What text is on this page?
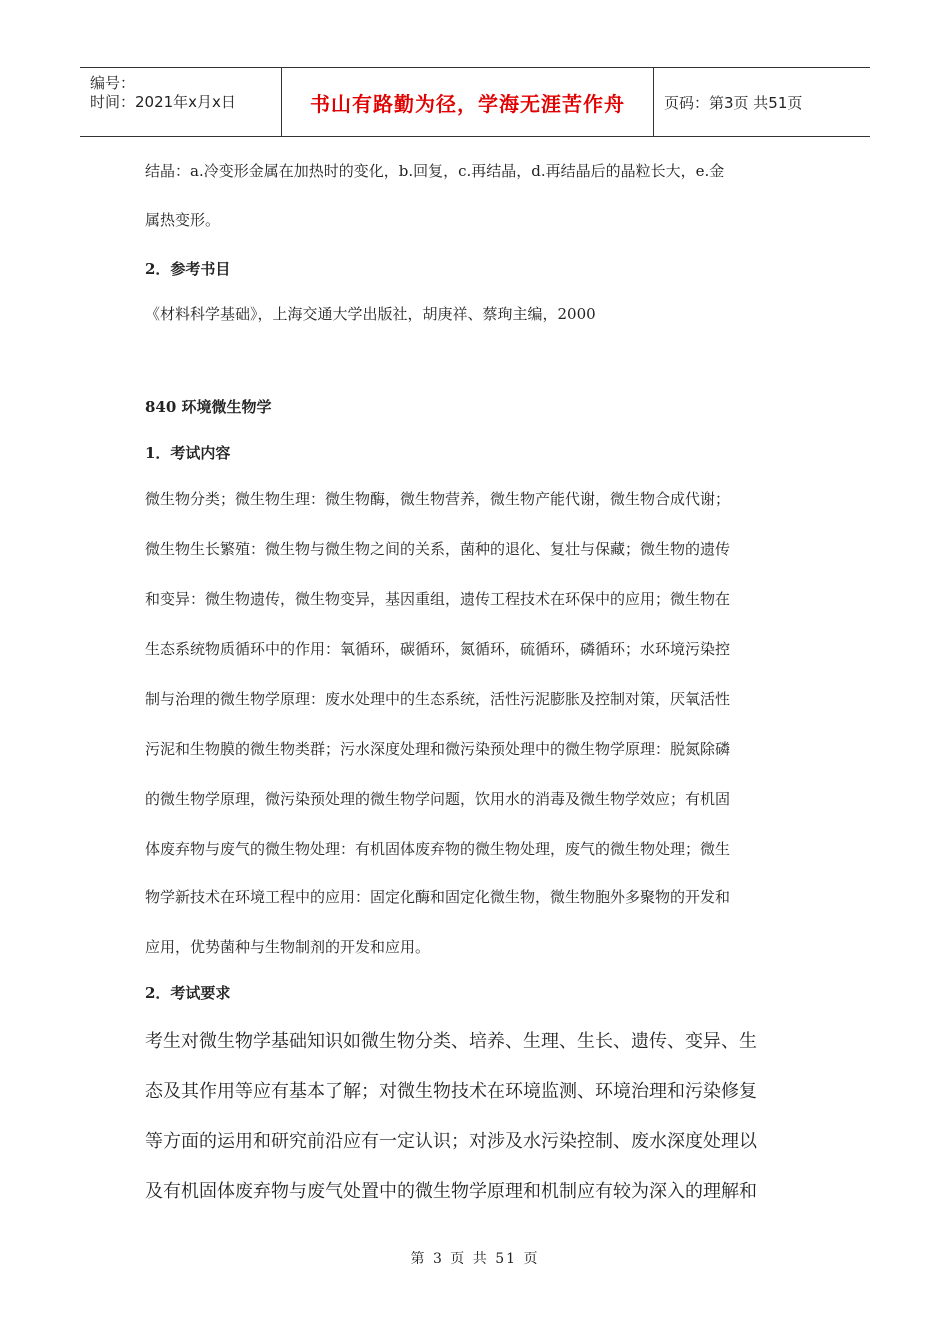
编号：
时间：2021年x月x日	书山有路勤为径，学海无涯苦作舟	页码：第3页 共51页
结晶：a.冷变形金属在加热时的变化，b.回复，c.再结晶，d.再结晶后的晶粒长大，e.金
属热变形。
2．参考书目
《材料科学基础》，上海交通大学出版社，胡庚祥、蔡珣主编，2000
840 环境微生物学
1．考试内容
微生物分类；微生物生理：微生物酶，微生物营养，微生物产能代谢，微生物合成代谢；
微生物生长繁殖：微生物与微生物之间的关系，菌种的退化、复壮与保藏；微生物的遗传
和变异：微生物遗传，微生物变异，基因重组，遗传工程技术在环保中的应用；微生物在
生态系统物质循环中的作用：氧循环，碳循环，氮循环，硫循环，磷循环；水环境污染控
制与治理的微生物学原理：废水处理中的生态系统，活性污泥膨胀及控制对策，厌氧活性
污泥和生物膜的微生物类群；污水深度处理和微污染预处理中的微生物学原理：脱氮除磷
的微生物学原理，微污染预处理的微生物学问题，饮用水的消毒及微生物学效应；有机固
体废弃物与废气的微生物处理：有机固体废弃物的微生物处理，废气的微生物处理；微生
物学新技术在环境工程中的应用：固定化酶和固定化微生物，微生物胞外多聚物的开发和
应用，优势菌种与生物制剂的开发和应用。
2．考试要求
考生对微生物学基础知识如微生物分类、培养、生理、生长、遗传、变异、生
态及其作用等应有基本了解；对微生物技术在环境监测、环境治理和污染修复
等方面的运用和研究前沿应有一定认识；对涉及水污染控制、废水深度处理以
及有机固体废弃物与废气处置中的微生物学原理和机制应有较为深入的理解和
第 3 页 共 51 页
